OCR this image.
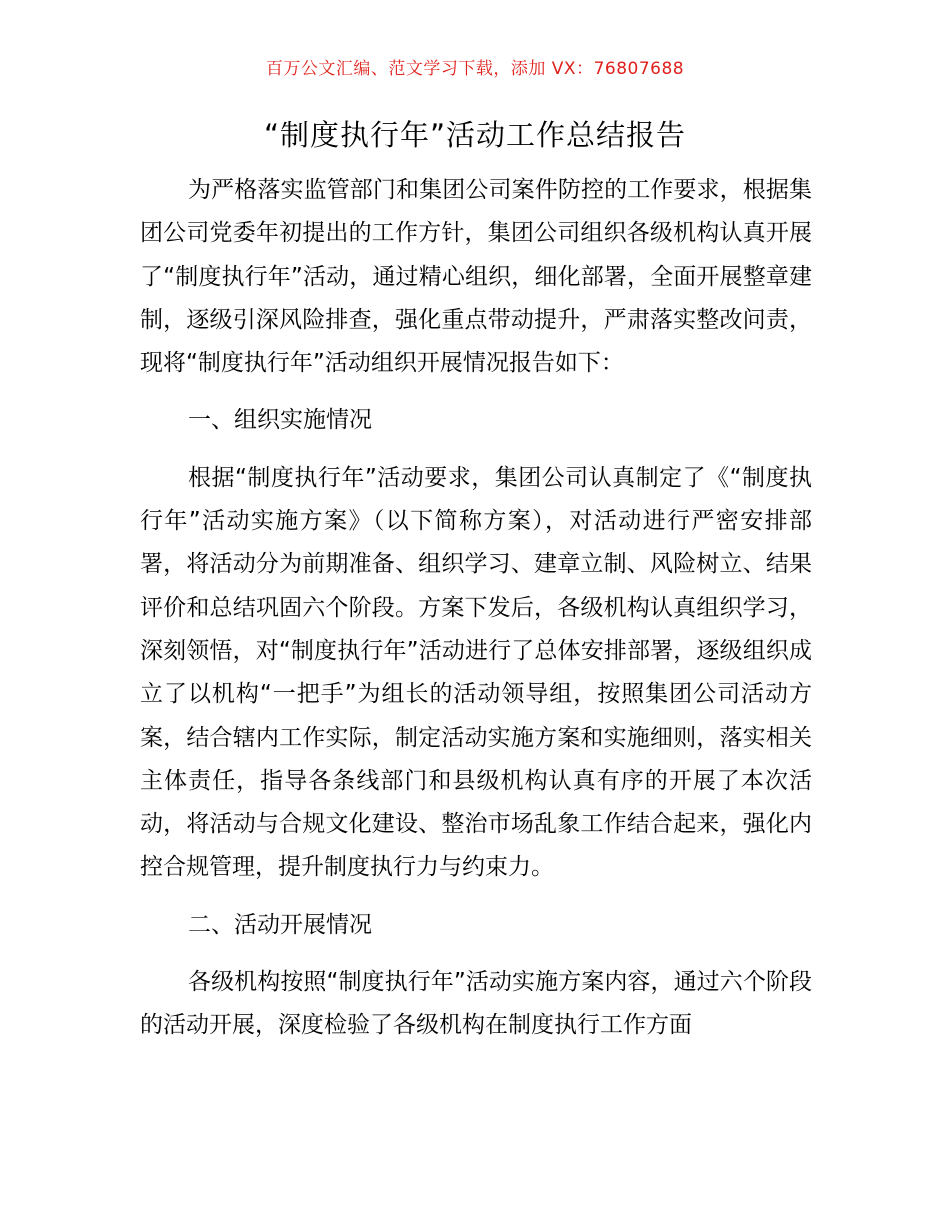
百万公文汇编、范文学习下载，添加 VX：76807688
“制度执行年”活动工作总结报告

为严格落实监管部门和集团公司案件防控的工作要求，根据集团公司党委年初提出的工作方针，集团公司组织各级机构认真开展了“制度执行年”活动，通过精心组织，细化部署，全面开展整章建制，逐级引深风险排查，强化重点带动提升，严肃落实整改问责，现将“制度执行年”活动组织开展情况报告如下：

一、组织实施情况

根据“制度执行年”活动要求，集团公司认真制定了《“制度执行年”活动实施方案》（以下简称方案），对活动进行严密安排部署，将活动分为前期准备、组织学习、建章立制、风险树立、结果评价和总结巩固六个阶段。方案下发后，各级机构认真组织学习，深刻领悟，对“制度执行年”活动进行了总体安排部署，逐级组织成立了以机构“一把手”为组长的活动领导组，按照集团公司活动方案，结合辖内工作实际，制定活动实施方案和实施细则，落实相关主体责任，指导各条线部门和县级机构认真有序的开展了本次活动，将活动与合规文化建设、整治市场乱象工作结合起来，强化内控合规管理，提升制度执行力与约束力。

二、活动开展情况

各级机构按照“制度执行年”活动实施方案内容，通过六个阶段的活动开展，深度检验了各级机构在制度执行工作方面
